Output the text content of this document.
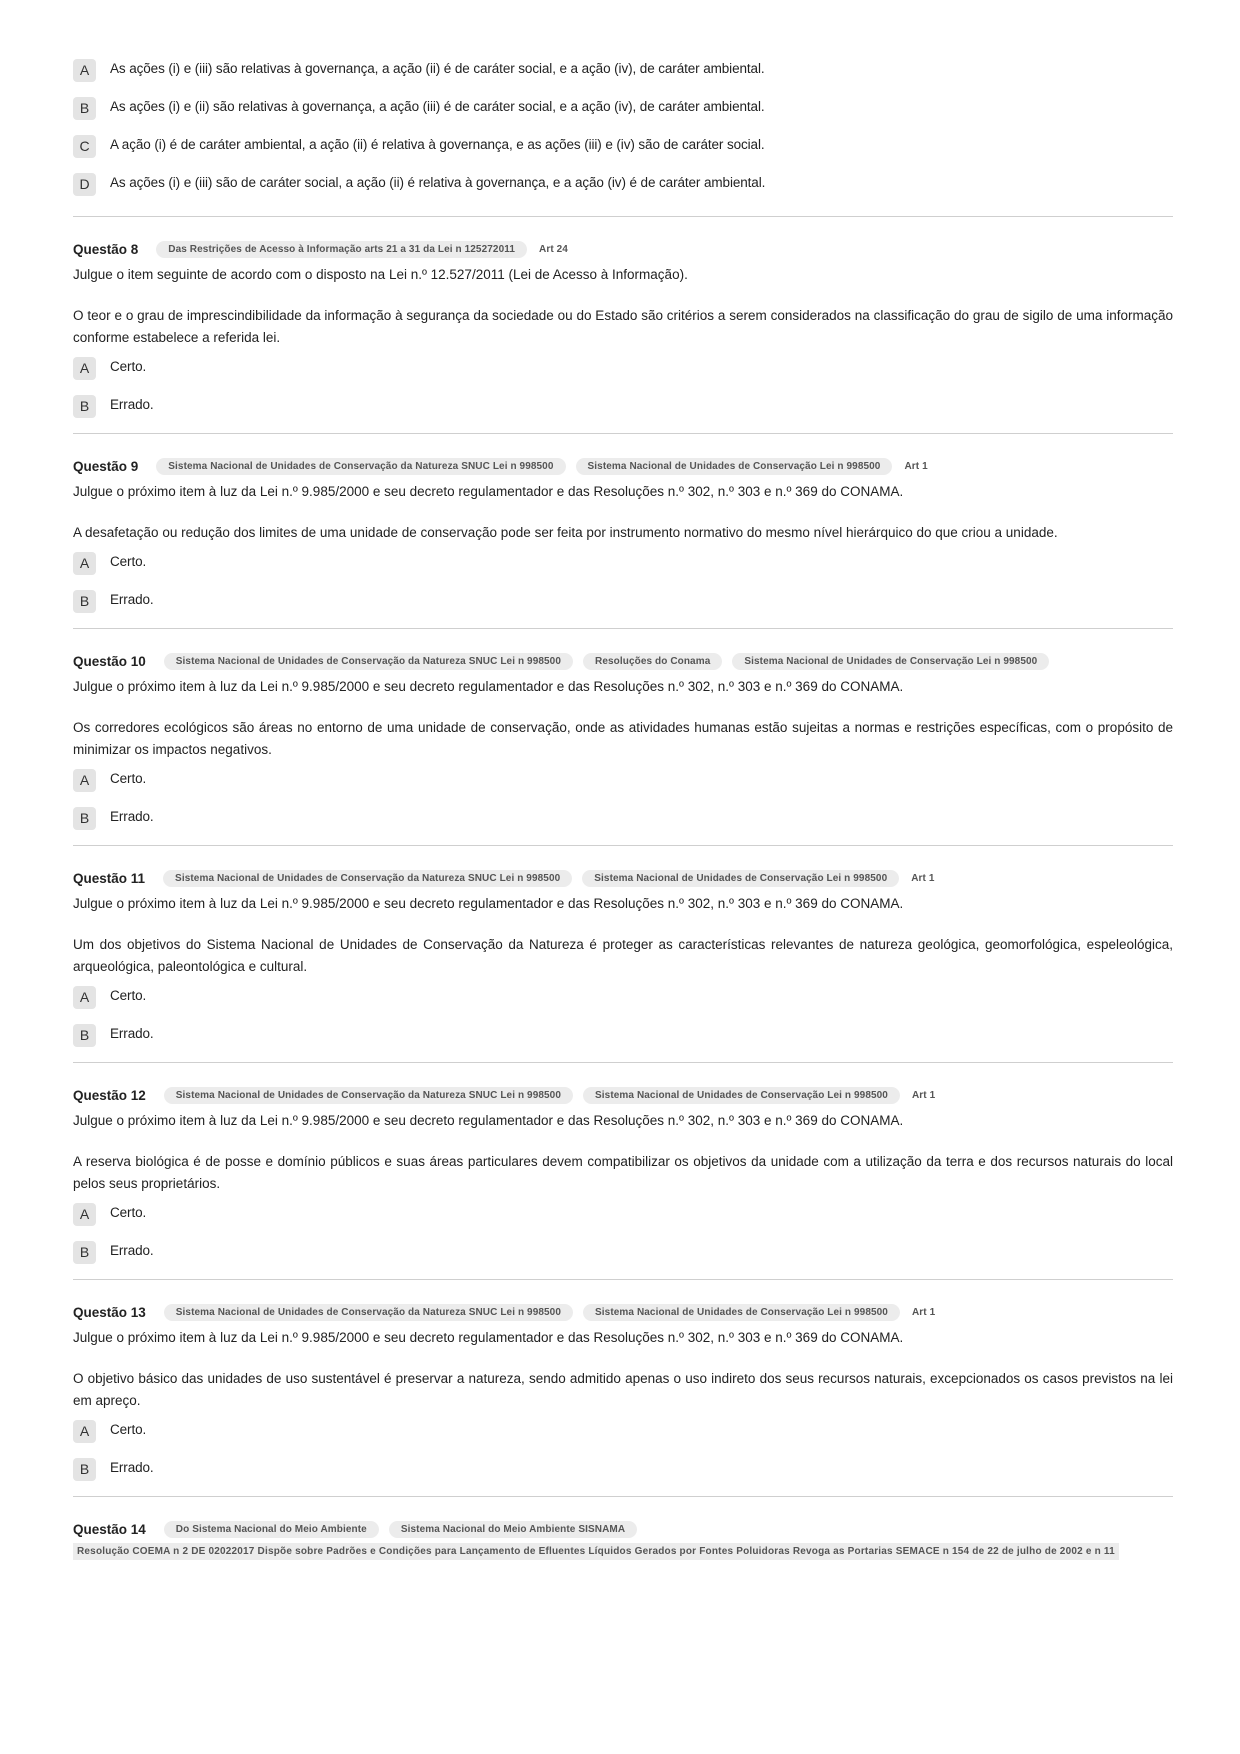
A	As ações (i) e (iii) são relativas à governança, a ação (ii) é de caráter social, e a ação (iv), de caráter ambiental.
B	As ações (i) e (ii) são relativas à governança, a ação (iii) é de caráter social, e a ação (iv), de caráter ambiental.
C	A ação (i) é de caráter ambiental, a ação (ii) é relativa à governança, e as ações (iii) e (iv) são de caráter social.
D	As ações (i) e (iii) são de caráter social, a ação (ii) é relativa à governança, e a ação (iv) é de caráter ambiental.
Questão 8	Das Restrições de Acesso à Informação arts 21 a 31 da Lei n 125272011	Art 24
Julgue o item seguinte de acordo com o disposto na Lei n.º 12.527/2011 (Lei de Acesso à Informação).
O teor e o grau de imprescindibilidade da informação à segurança da sociedade ou do Estado são critérios a serem considerados na classificação do grau de sigilo de uma informação conforme estabelece a referida lei.
A	Certo.
B	Errado.
Questão 9	Sistema Nacional de Unidades de Conservação da Natureza SNUC Lei n 998500	Sistema Nacional de Unidades de Conservação Lei n 998500	Art 1
Julgue o próximo item à luz da Lei n.º 9.985/2000 e seu decreto regulamentador e das Resoluções n.º 302, n.º 303 e n.º 369 do CONAMA.
A desafetação ou redução dos limites de uma unidade de conservação pode ser feita por instrumento normativo do mesmo nível hierárquico do que criou a unidade.
A	Certo.
B	Errado.
Questão 10	Sistema Nacional de Unidades de Conservação da Natureza SNUC Lei n 998500	Resoluções do Conama	Sistema Nacional de Unidades de Conservação Lei n 998500
Julgue o próximo item à luz da Lei n.º 9.985/2000 e seu decreto regulamentador e das Resoluções n.º 302, n.º 303 e n.º 369 do CONAMA.
Os corredores ecológicos são áreas no entorno de uma unidade de conservação, onde as atividades humanas estão sujeitas a normas e restrições específicas, com o propósito de minimizar os impactos negativos.
A	Certo.
B	Errado.
Questão 11	Sistema Nacional de Unidades de Conservação da Natureza SNUC Lei n 998500	Sistema Nacional de Unidades de Conservação Lei n 998500	Art 1
Julgue o próximo item à luz da Lei n.º 9.985/2000 e seu decreto regulamentador e das Resoluções n.º 302, n.º 303 e n.º 369 do CONAMA.
Um dos objetivos do Sistema Nacional de Unidades de Conservação da Natureza é proteger as características relevantes de natureza geológica, geomorfológica, espeleológica, arqueológica, paleontológica e cultural.
A	Certo.
B	Errado.
Questão 12	Sistema Nacional de Unidades de Conservação da Natureza SNUC Lei n 998500	Sistema Nacional de Unidades de Conservação Lei n 998500	Art 1
Julgue o próximo item à luz da Lei n.º 9.985/2000 e seu decreto regulamentador e das Resoluções n.º 302, n.º 303 e n.º 369 do CONAMA.
A reserva biológica é de posse e domínio públicos e suas áreas particulares devem compatibilizar os objetivos da unidade com a utilização da terra e dos recursos naturais do local pelos seus proprietários.
A	Certo.
B	Errado.
Questão 13	Sistema Nacional de Unidades de Conservação da Natureza SNUC Lei n 998500	Sistema Nacional de Unidades de Conservação Lei n 998500	Art 1
Julgue o próximo item à luz da Lei n.º 9.985/2000 e seu decreto regulamentador e das Resoluções n.º 302, n.º 303 e n.º 369 do CONAMA.
O objetivo básico das unidades de uso sustentável é preservar a natureza, sendo admitido apenas o uso indireto dos seus recursos naturais, excepcionados os casos previstos na lei em apreço.
A	Certo.
B	Errado.
Questão 14	Do Sistema Nacional do Meio Ambiente	Sistema Nacional do Meio Ambiente SISNAMA
Resolução COEMA n 2 DE 02022017 Dispõe sobre Padrões e Condições para Lançamento de Efluentes Líquidos Gerados por Fontes Poluidoras Revoga as Portarias SEMACE n 154 de 22 de julho de 2002 e n 11
